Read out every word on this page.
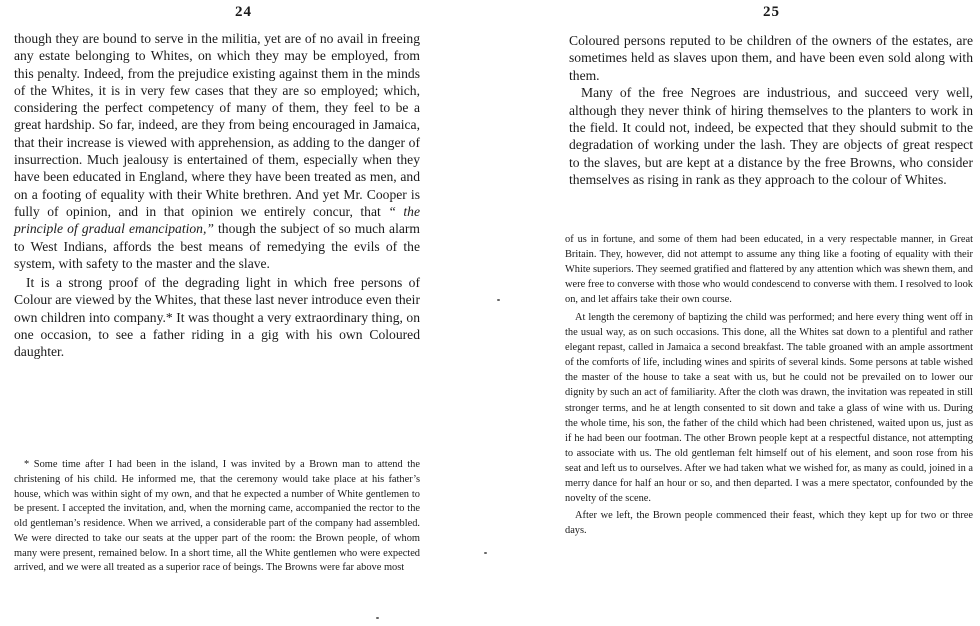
24

though they are bound to serve in the militia, yet are of no avail in freeing any estate belonging to Whites, on which they may be employed, from this penalty. Indeed, from the prejudice existing against them in the minds of the Whites, it is in very few cases that they are so employed; which, considering the perfect competency of many of them, they feel to be a great hardship. So far, indeed, are they from being encouraged in Jamaica, that their increase is viewed with apprehension, as adding to the danger of insurrection. Much jealousy is entertained of them, especially when they have been educated in England, where they have been treated as men, and on a footing of equality with their White brethren. And yet Mr. Cooper is fully of opinion, and in that opinion we entirely concur, that “ the principle of gradual emancipation,” though the subject of so much alarm to West Indians, affords the best means of remedying the evils of the system, with safety to the master and the slave.

It is a strong proof of the degrading light in which free persons of Colour are viewed by the Whites, that these last never introduce even their own children into company.* It was thought a very extraordinary thing, on one occasion, to see a father riding in a gig with his own Coloured daughter.

* Some time after I had been in the island, I was invited by a Brown man to attend the christening of his child. He informed me, that the ceremony would take place at his father’s house, which was within sight of my own, and that he expected a number of White gentlemen to be present. I accepted the invitation, and, when the morning came, accompanied the rector to the old gentleman’s residence. When we arrived, a considerable part of the company had assembled. We were directed to take our seats at the upper part of the room: the Brown people, of whom many were present, remained below. In a short time, all the White gentlemen who were expected arrived, and we were all treated as a superior race of beings. The Browns were far above most

25

Coloured persons reputed to be children of the owners of the estates, are sometimes held as slaves upon them, and have been even sold along with them.

Many of the free Negroes are industrious, and succeed very well, although they never think of hiring themselves to the planters to work in the field. It could not, indeed, be expected that they should submit to the degradation of working under the lash. They are objects of great respect to the slaves, but are kept at a distance by the free Browns, who consider themselves as rising in rank as they approach to the colour of Whites.

of us in fortune, and some of them had been educated, in a very respectable manner, in Great Britain. They, however, did not attempt to assume any thing like a footing of equality with their White superiors. They seemed gratified and flattered by any attention which was shewn them, and were free to converse with those who would condescend to converse with them. I resolved to look on, and let affairs take their own course.

At length the ceremony of baptizing the child was performed; and here every thing went off in the usual way, as on such occasions. This done, all the Whites sat down to a plentiful and rather elegant repast, called in Jamaica a second breakfast. The table groaned with an ample assortment of the comforts of life, including wines and spirits of several kinds. Some persons at table wished the master of the house to take a seat with us, but he could not be prevailed on to lower our dignity by such an act of familiarity. After the cloth was drawn, the invitation was repeated in still stronger terms, and he at length consented to sit down and take a glass of wine with us. During the whole time, his son, the father of the child which had been christened, waited upon us, just as if he had been our footman. The other Brown people kept at a respectful distance, not attempting to associate with us. The old gentleman felt himself out of his element, and soon rose from his seat and left us to ourselves. After we had taken what we wished for, as many as could, joined in a merry dance for half an hour or so, and then departed. I was a mere spectator, confounded by the novelty of the scene.

After we left, the Brown people commenced their feast, which they kept up for two or three days.
